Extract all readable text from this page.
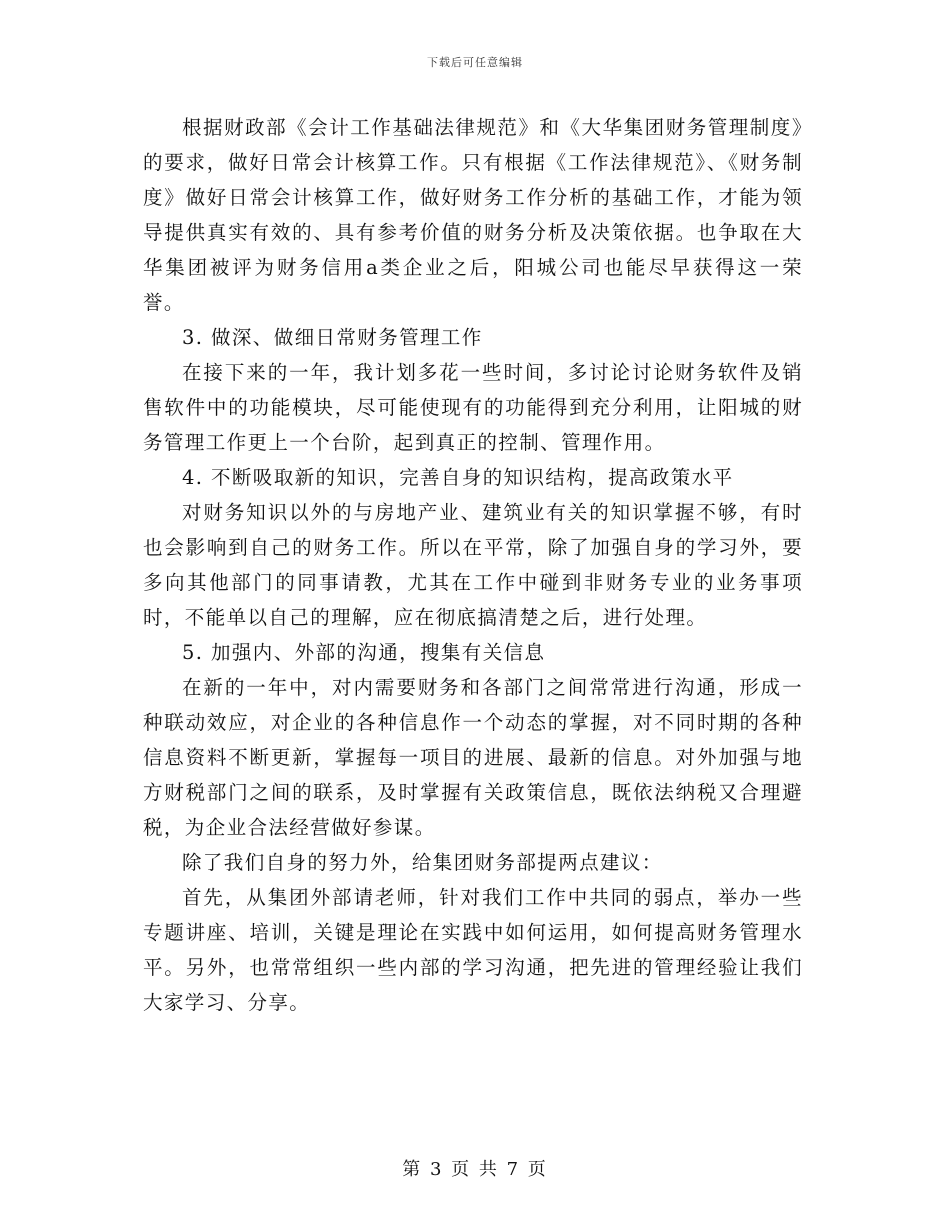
下载后可任意编辑

根据财政部《会计工作基础法律规范》和《大华集团财务管理制度》的要求，做好日常会计核算工作。只有根据《工作法律规范》、《财务制度》做好日常会计核算工作，做好财务工作分析的基础工作，才能为领导提供真实有效的、具有参考价值的财务分析及决策依据。也争取在大华集团被评为财务信用a类企业之后，阳城公司也能尽早获得这一荣誉。

3. 做深、做细日常财务管理工作

在接下来的一年，我计划多花一些时间，多讨论讨论财务软件及销售软件中的功能模块，尽可能使现有的功能得到充分利用，让阳城的财务管理工作更上一个台阶，起到真正的控制、管理作用。

4. 不断吸取新的知识，完善自身的知识结构，提高政策水平

对财务知识以外的与房地产业、建筑业有关的知识掌握不够，有时也会影响到自己的财务工作。所以在平常，除了加强自身的学习外，要多向其他部门的同事请教，尤其在工作中碰到非财务专业的业务事项时，不能单以自己的理解，应在彻底搞清楚之后，进行处理。

5. 加强内、外部的沟通，搜集有关信息

在新的一年中，对内需要财务和各部门之间常常进行沟通，形成一种联动效应，对企业的各种信息作一个动态的掌握，对不同时期的各种信息资料不断更新，掌握每一项目的进展、最新的信息。对外加强与地方财税部门之间的联系，及时掌握有关政策信息，既依法纳税又合理避税，为企业合法经营做好参谋。

除了我们自身的努力外，给集团财务部提两点建议：

首先，从集团外部请老师，针对我们工作中共同的弱点，举办一些专题讲座、培训，关键是理论在实践中如何运用，如何提高财务管理水平。另外，也常常组织一些内部的学习沟通，把先进的管理经验让我们大家学习、分享。

第 3 页 共 7 页
